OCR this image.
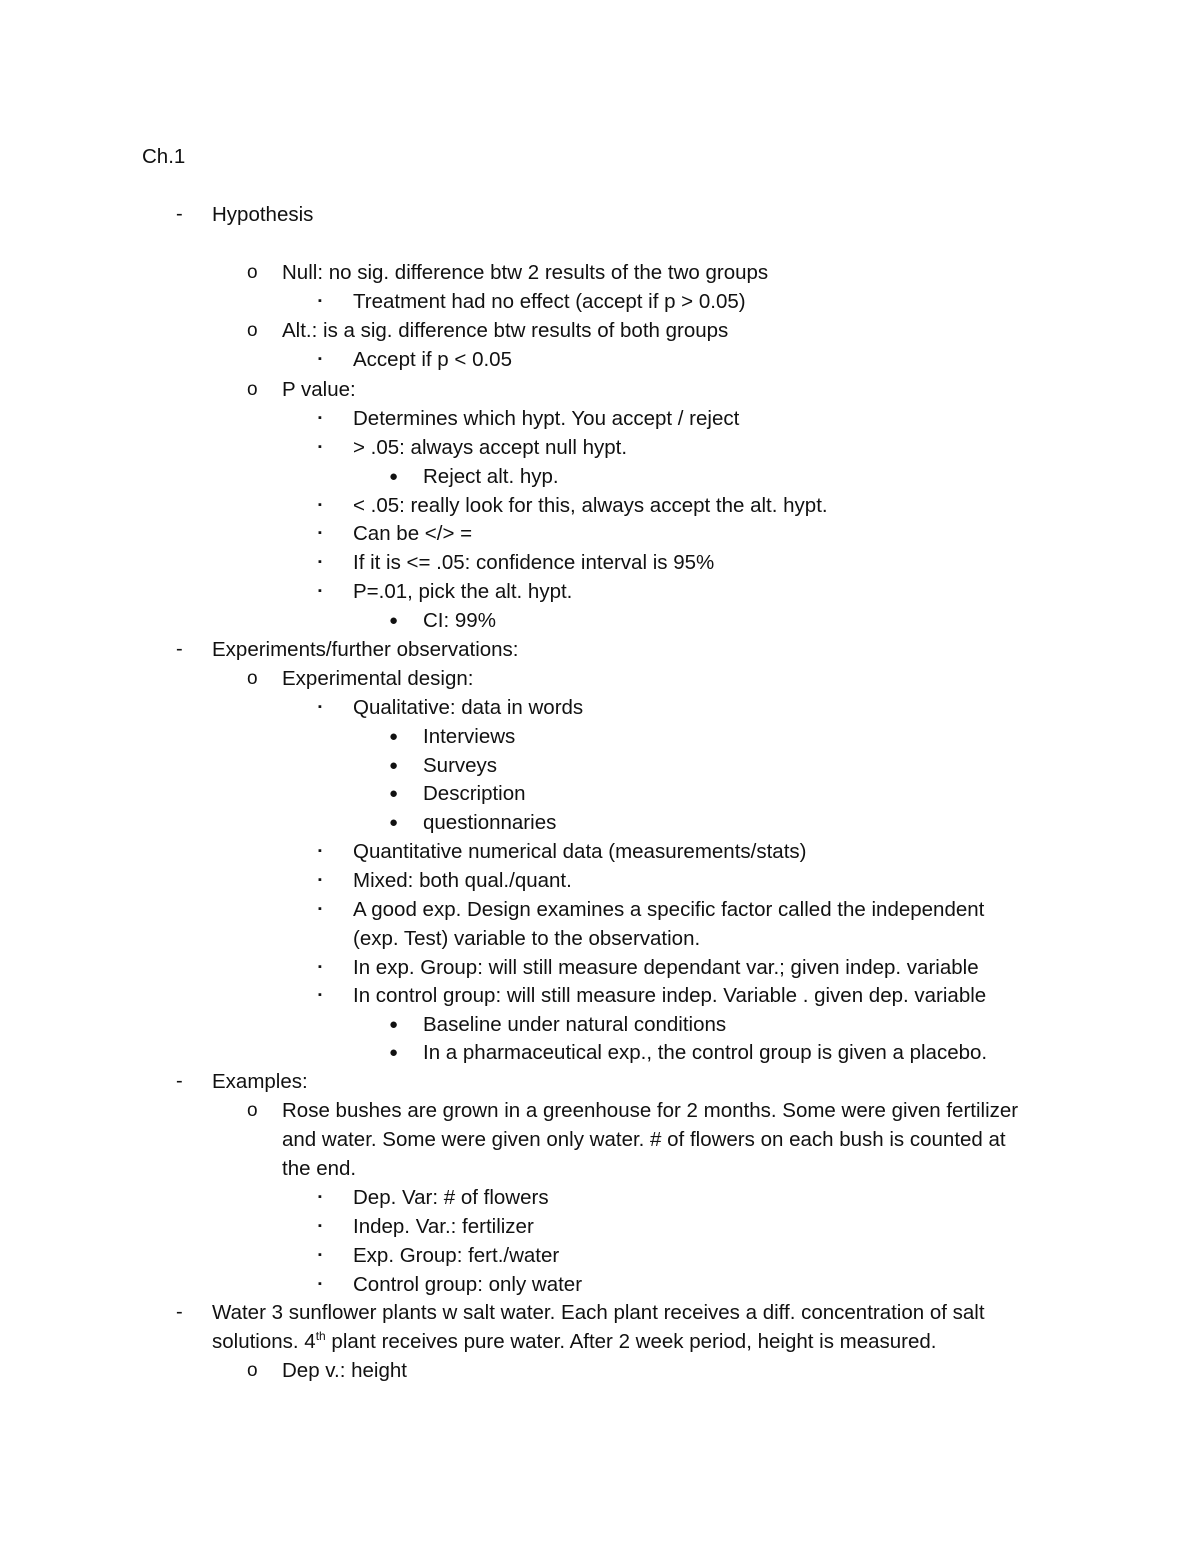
Ch.1
- Hypothesis
o Null: no sig. difference btw 2 results of the two groups
▪ Treatment had no effect (accept if p > 0.05)
o Alt.: is a sig. difference btw results of both groups
▪ Accept if p < 0.05
o P value:
▪ Determines which hypt. You accept / reject
▪ > .05: always accept null hypt.
● Reject alt. hyp.
▪ < .05: really look for this, always accept the alt. hypt.
▪ Can be </> =
▪ If it is <= .05: confidence interval is 95%
▪ P=.01, pick the alt. hypt.
● CI: 99%
- Experiments/further observations:
o Experimental design:
▪ Qualitative: data in words
● Interviews
● Surveys
● Description
● questionnaries
▪ Quantitative numerical data (measurements/stats)
▪ Mixed: both qual./quant.
▪ A good exp. Design examines a specific factor called the independent
(exp. Test) variable to the observation.
▪ In exp. Group: will still measure dependant var.; given indep. variable
▪ In control group: will still measure indep. Variable . given dep. variable
● Baseline under natural conditions
● In a pharmaceutical exp., the control group is given a placebo.
- Examples:
o Rose bushes are grown in a greenhouse for 2 months. Some were given fertilizer
and water. Some were given only water. # of flowers on each bush is counted at
the end.
▪ Dep. Var: # of flowers
▪ Indep. Var.: fertilizer
▪ Exp. Group: fert./water
▪ Control group: only water
- Water 3 sunflower plants w salt water. Each plant receives a diff. concentration of salt
solutions. 4th plant receives pure water. After 2 week period, height is measured.
o Dep v.: height
